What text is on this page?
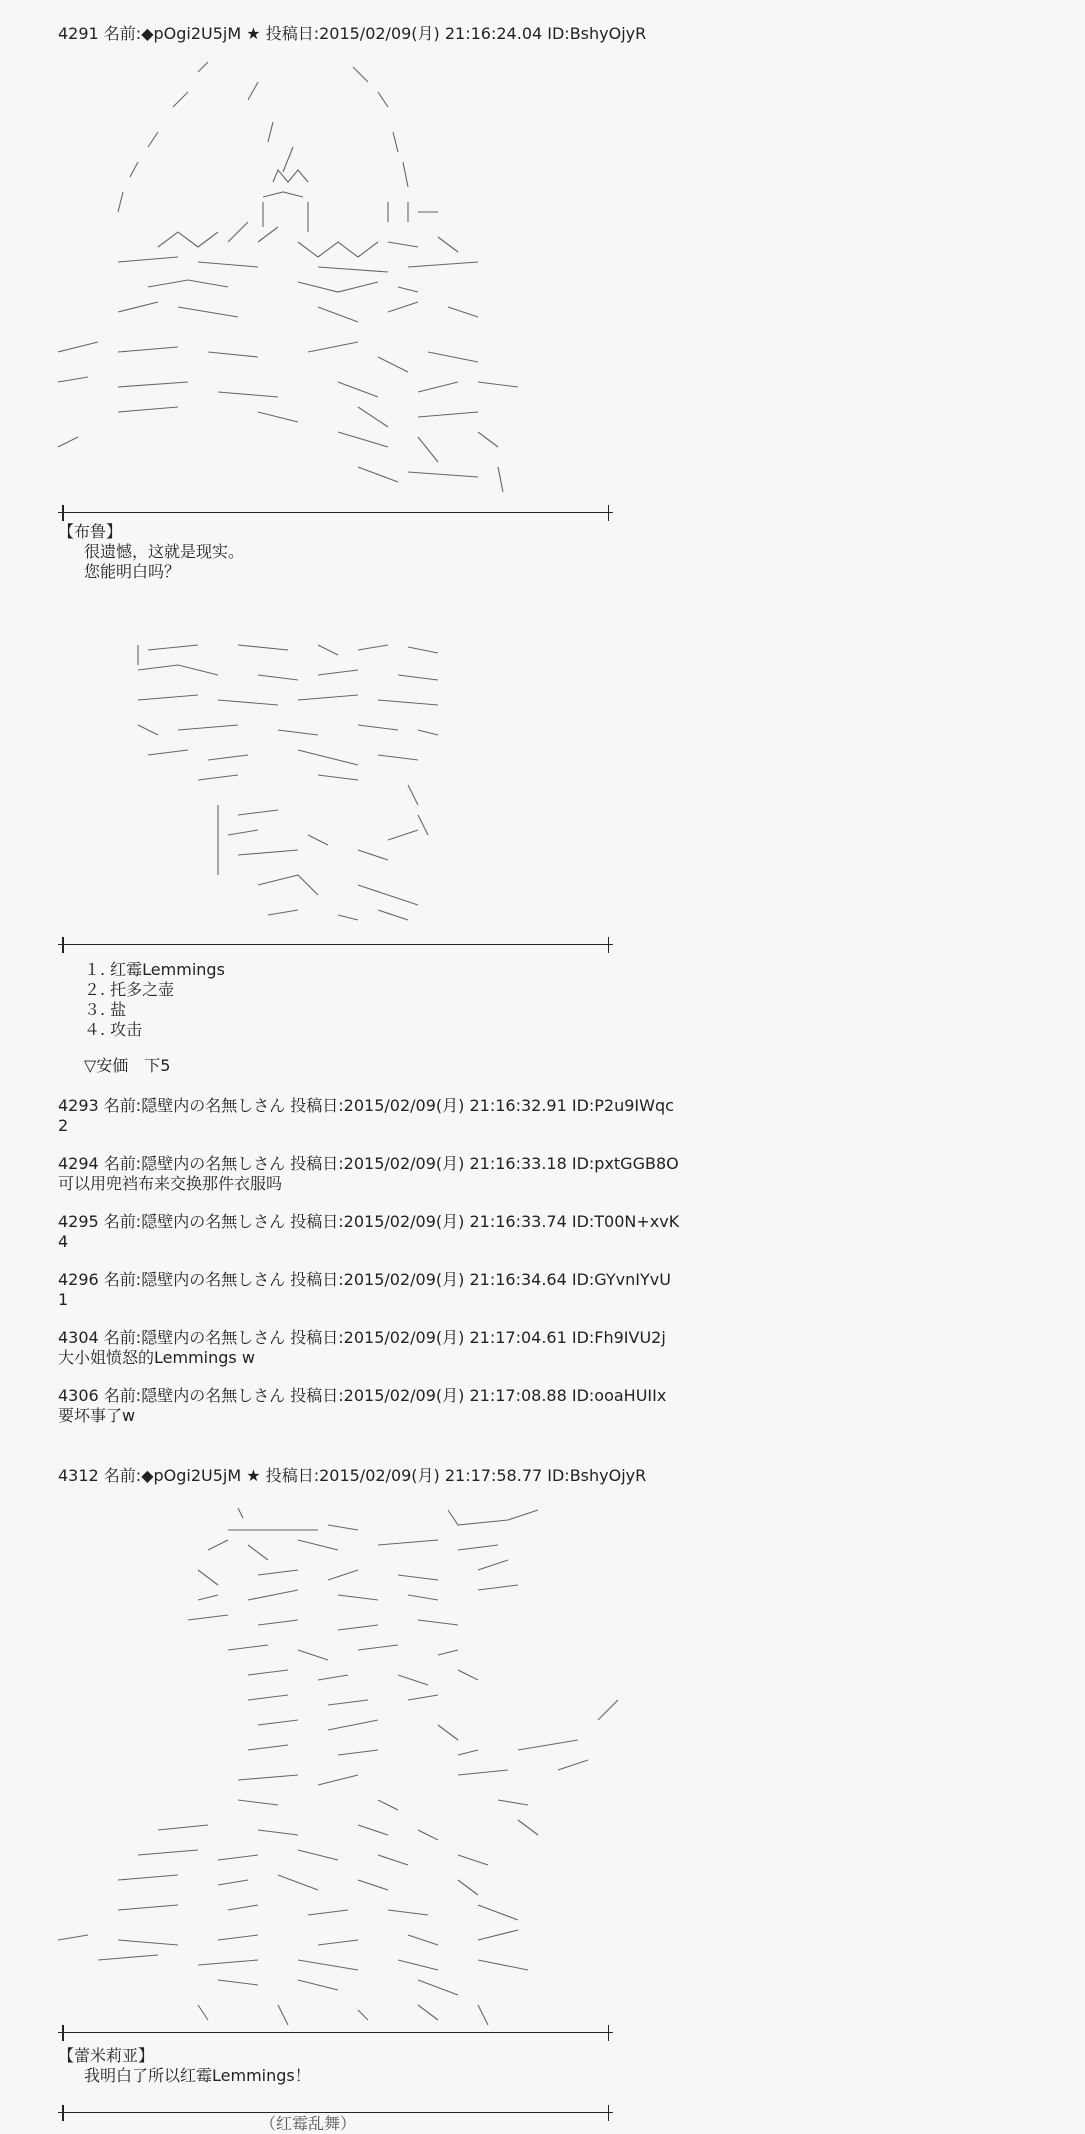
4291 名前:◆pOgi2U5jM ★ 投稿日:2015/02/09(月) 21:16:24.04 ID:BshyOjyR
【布鲁】
很遗憾，这就是现实。
您能明白吗？
１. 红霉Lemmings
２. 托多之壶
３. 盐
４. 攻击
▽安価　下5
4293 名前:隠壁内の名無しさん 投稿日:2015/02/09(月) 21:16:32.91 ID:P2u9IWqc
2
4294 名前:隠壁内の名無しさん 投稿日:2015/02/09(月) 21:16:33.18 ID:pxtGGB8O
可以用兜裆布来交换那件衣服吗
4295 名前:隠壁内の名無しさん 投稿日:2015/02/09(月) 21:16:33.74 ID:T00N+xvK
4
4296 名前:隠壁内の名無しさん 投稿日:2015/02/09(月) 21:16:34.64 ID:GYvnIYvU
1
4304 名前:隠壁内の名無しさん 投稿日:2015/02/09(月) 21:17:04.61 ID:Fh9IVU2j
大小姐愤怒的Lemmings w
4306 名前:隠壁内の名無しさん 投稿日:2015/02/09(月) 21:17:08.88 ID:ooaHUIIx
要坏事了w
4312 名前:◆pOgi2U5jM ★ 投稿日:2015/02/09(月) 21:17:58.77 ID:BshyOjyR
【蕾米莉亚】
我明白了所以红霉Lemmings！
（红霉乱舞）
